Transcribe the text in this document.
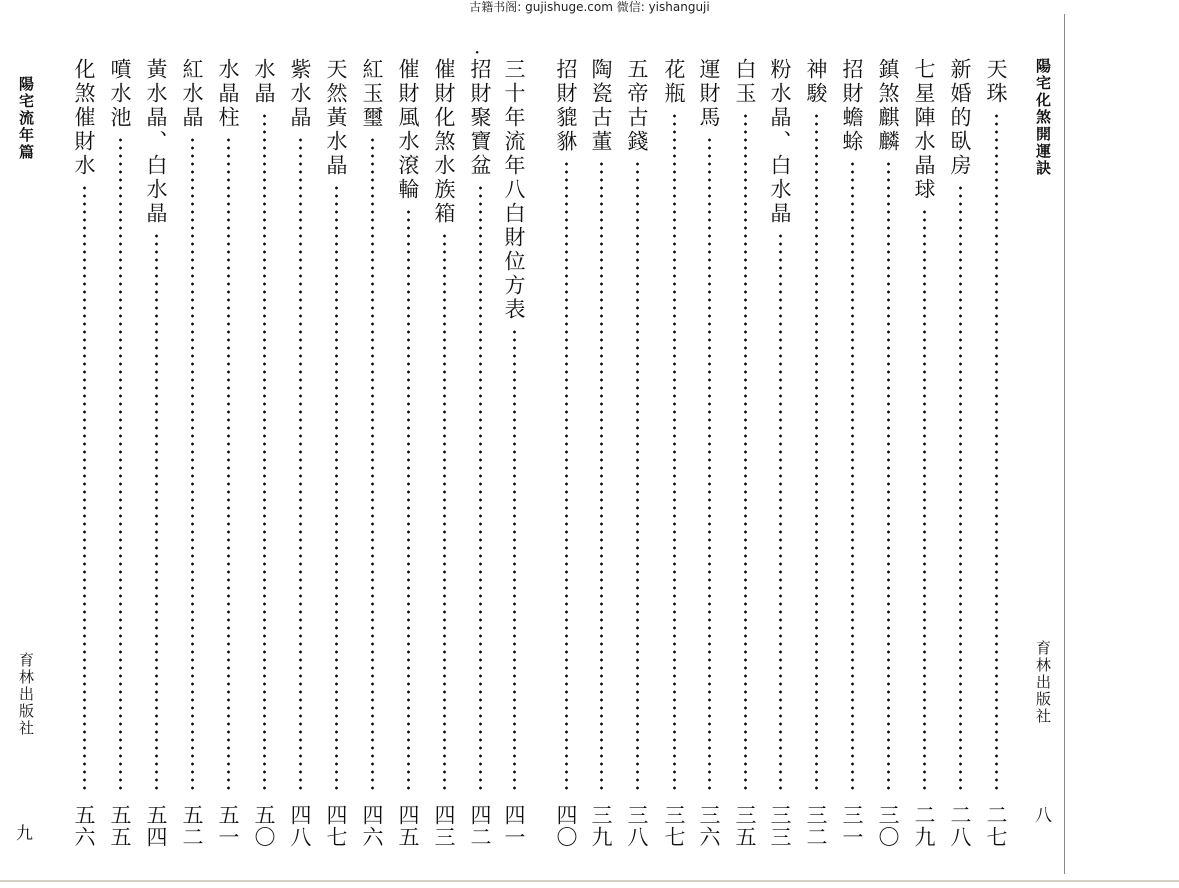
古籍书阁: gujishuge.com 微信: yishanguji
陽宅化煞開運訣
育林出版社
八
陽宅流年篇
育林出版社
九
·
天珠
二七
新婚的臥房
二八
七星陣水晶球
二九
鎮煞麒麟
三〇
招財蟾蜍
三一
神駿
三二
粉水晶、白水晶
三三
白玉
三五
運財馬
三六
花瓶
三七
五帝古錢
三八
陶瓷古董
三九
招財貔貅
四〇
三十年流年八白財位方表
四一
招財聚寶盆
四二
催財化煞水族箱
四三
催財風水滾輪
四五
紅玉璽
四六
天然黃水晶
四七
紫水晶
四八
水晶
五〇
水晶柱
五一
紅水晶
五二
黃水晶、白水晶
五四
噴水池
五五
化煞催財水
五六
